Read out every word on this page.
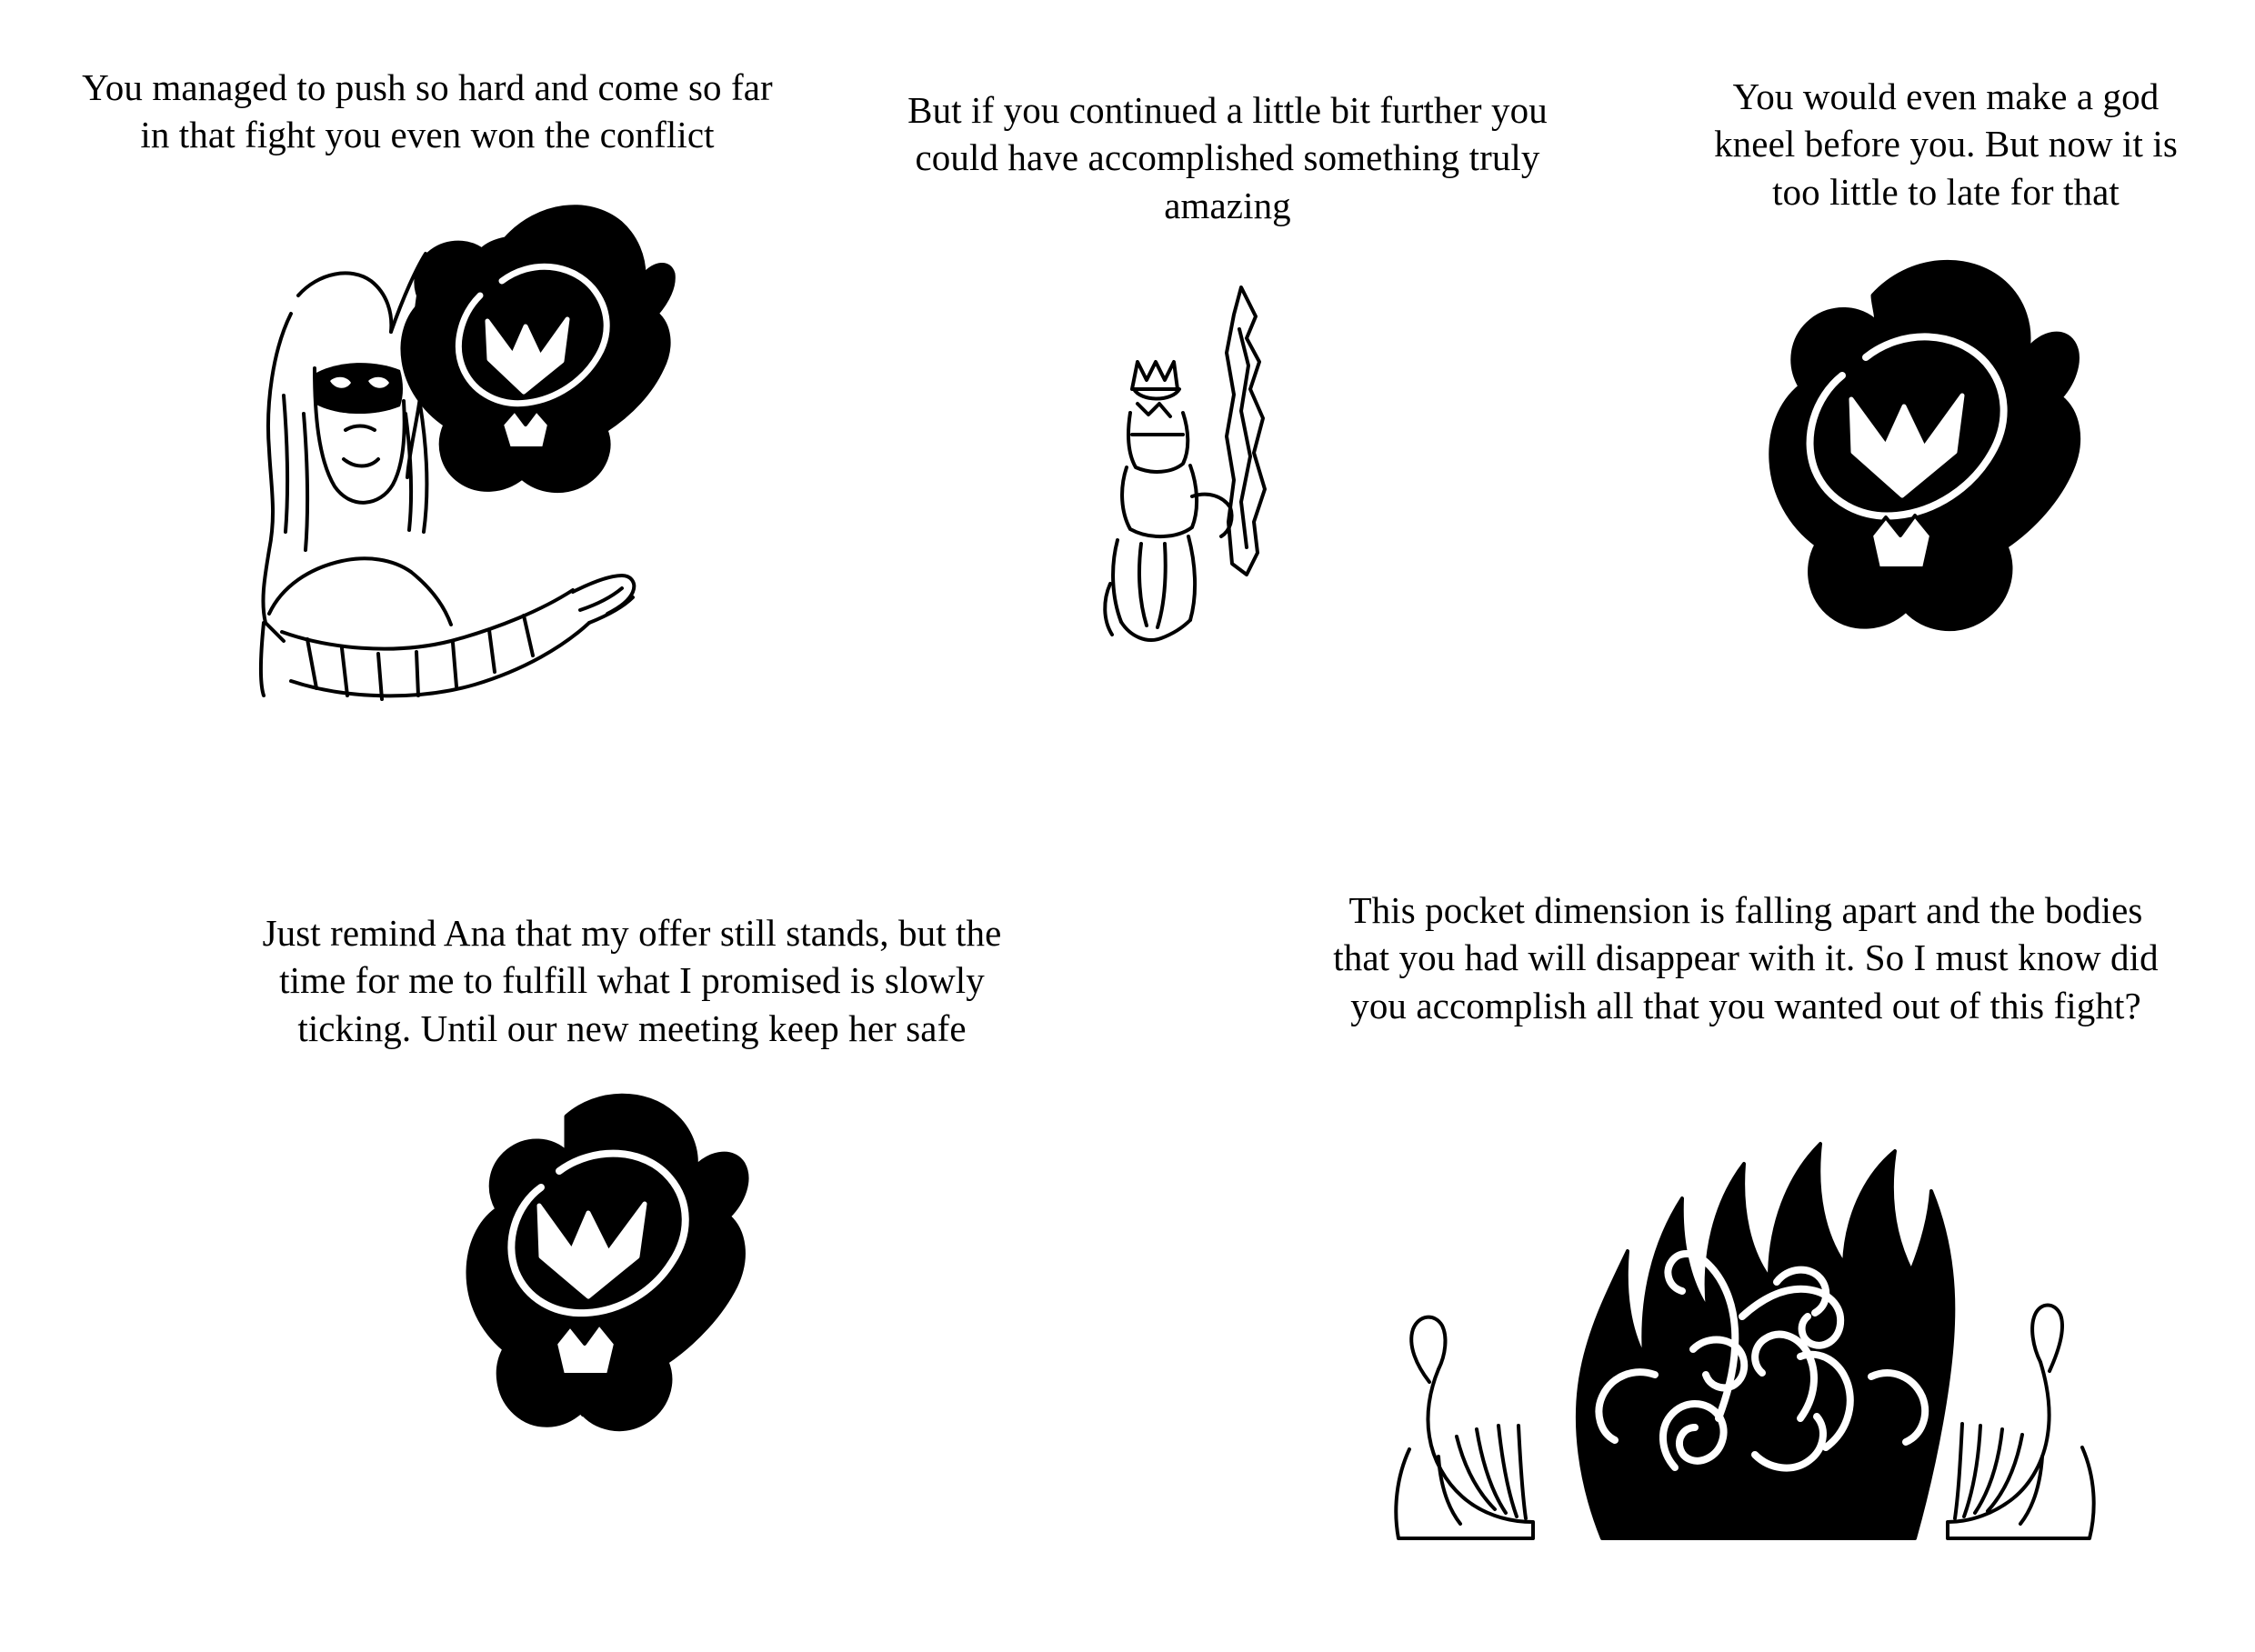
You managed to push so hard and come so far in that fight you even won the conflict
But if you continued a little bit further you could have accomplished something truly amazing
You would even make a god kneel before you. But now it is too little to late for that
Just remind Ana that my offer still stands, but the time for me to fulfill what I promised is slowly ticking. Until our new meeting keep her safe
This pocket dimension is falling apart and the bodies that you had will disappear with it. So I must know did you accomplish all that you wanted out of this fight?
